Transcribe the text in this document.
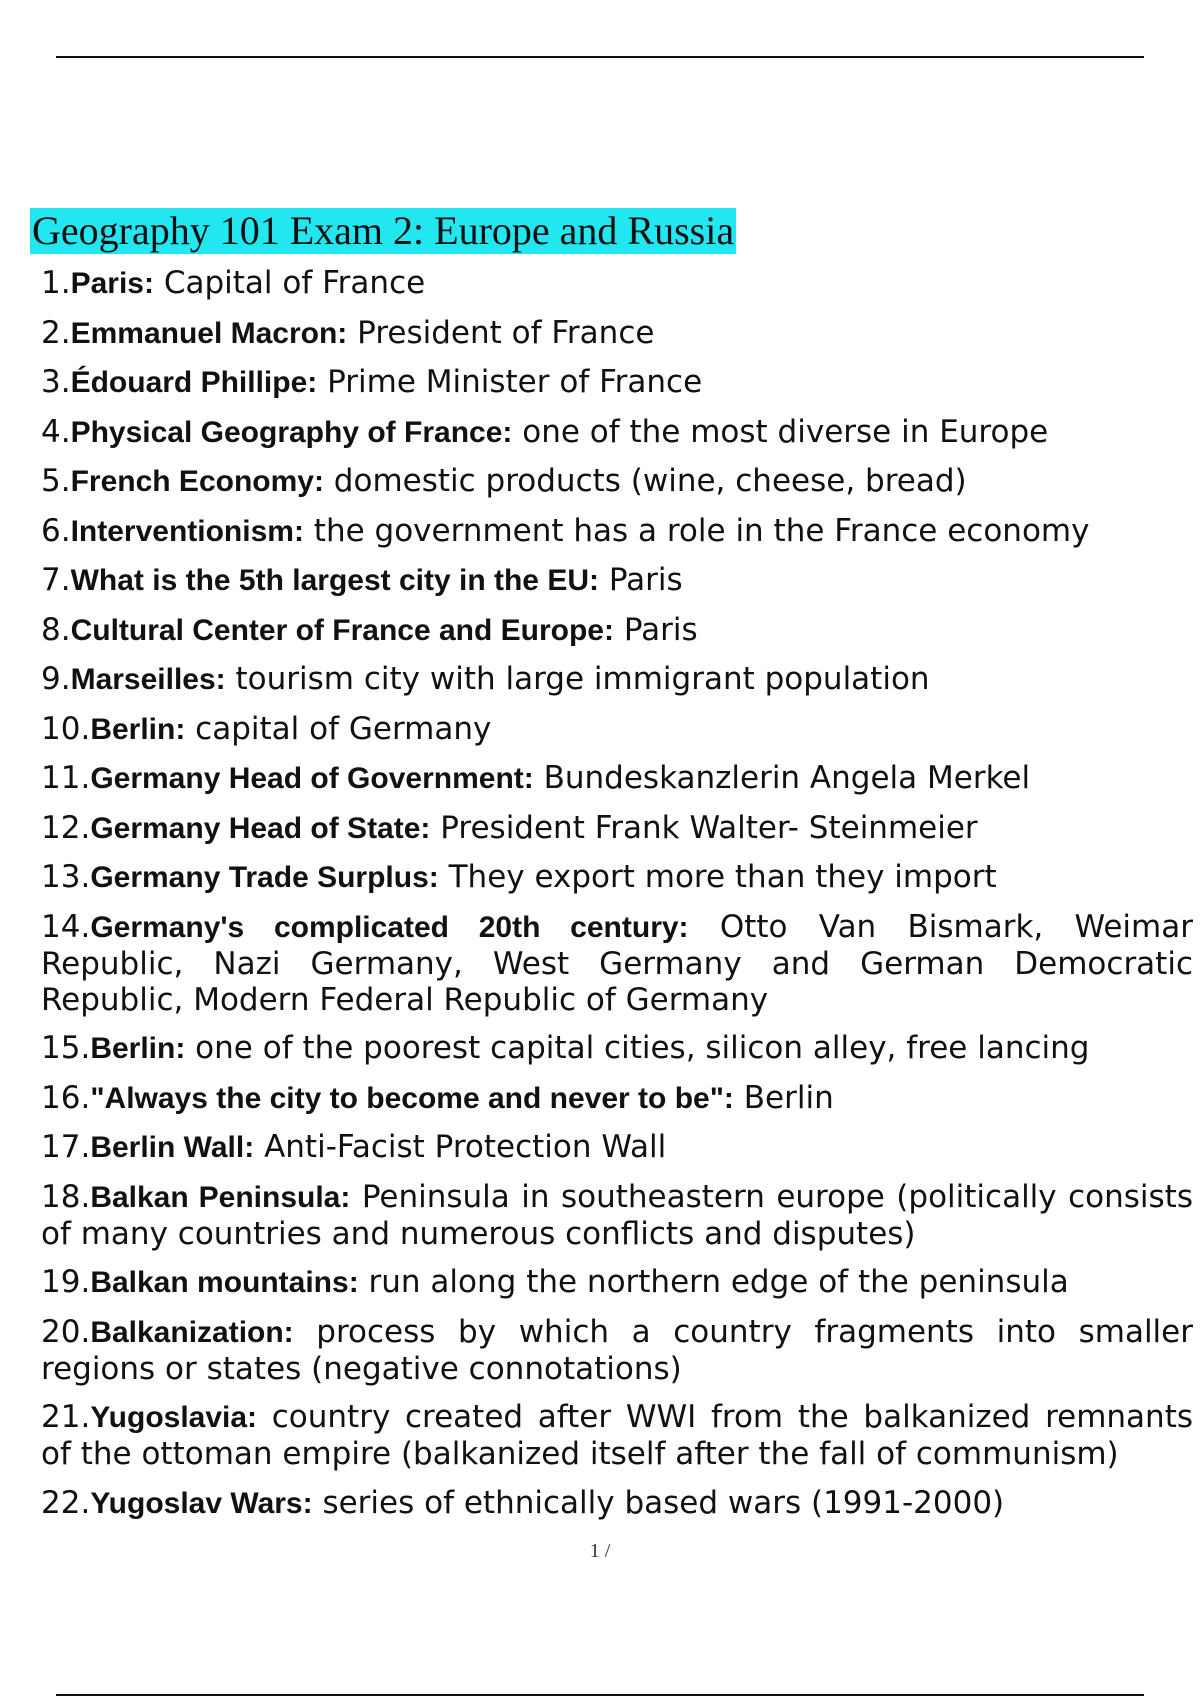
Geography 101 Exam 2: Europe and Russia
1.Paris: Capital of France
2.Emmanuel Macron: President of France
3.Édouard Phillipe: Prime Minister of France
4.Physical Geography of France: one of the most diverse in Europe
5.French Economy: domestic products (wine, cheese, bread)
6.Interventionism: the government has a role in the France economy
7.What is the 5th largest city in the EU: Paris
8.Cultural Center of France and Europe: Paris
9.Marseilles: tourism city with large immigrant population
10.Berlin: capital of Germany
11.Germany Head of Government: Bundeskanzlerin Angela Merkel
12.Germany Head of State: President Frank Walter- Steinmeier
13.Germany Trade Surplus: They export more than they import
14.Germany's complicated 20th century: Otto Van Bismark, Weimar Republic, Nazi Germany, West Germany and German Democratic Republic, Modern Federal Republic of Germany
15.Berlin: one of the poorest capital cities, silicon alley, free lancing
16."Always the city to become and never to be": Berlin
17.Berlin Wall: Anti-Facist Protection Wall
18.Balkan Peninsula: Peninsula in southeastern europe (politically consists of many countries and numerous conflicts and disputes)
19.Balkan mountains: run along the northern edge of the peninsula
20.Balkanization: process by which a country fragments into smaller regions or states (negative connotations)
21.Yugoslavia: country created after WWI from the balkanized remnants of the ottoman empire (balkanized itself after the fall of communism)
22.Yugoslav Wars: series of ethnically based wars (1991-2000)
1 /
